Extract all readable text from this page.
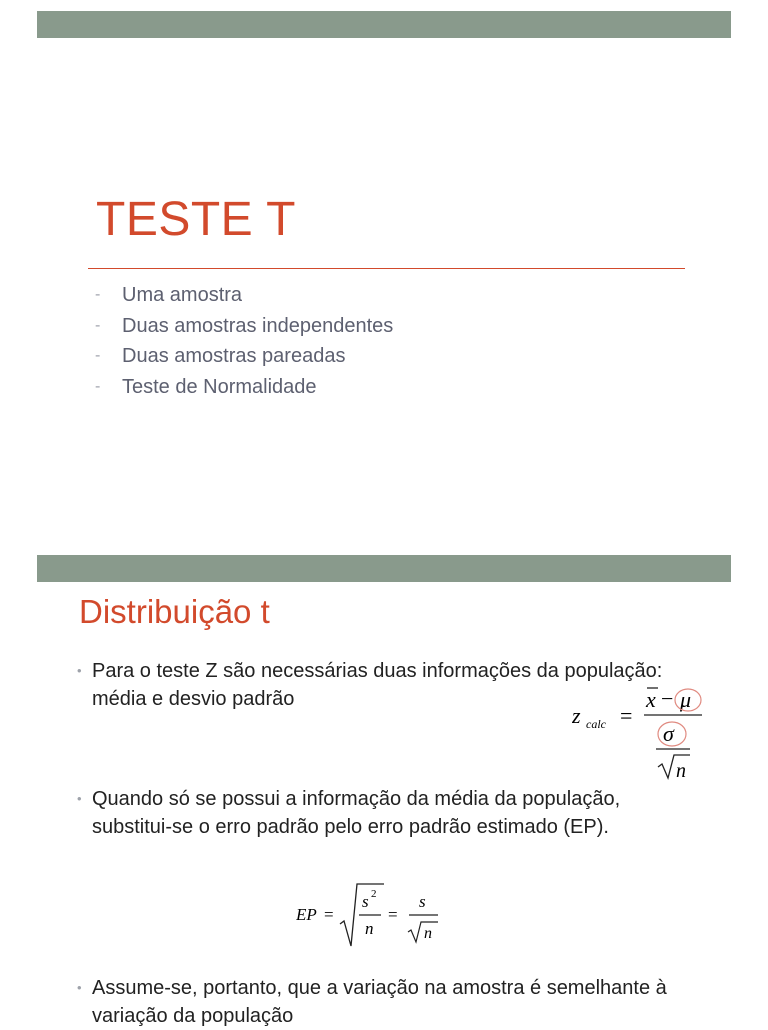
TESTE T
-	Uma amostra
-	Duas amostras independentes
-	Duas amostras pareadas
-	Teste de Normalidade
Distribuição t
• Para o teste Z são necessárias duas informações da população: média e desvio padrão
z calc =
x − μ
σ
n
• Quando só se possui a informação da média da população, substitui-se o erro padrão pelo erro padrão estimado (EP).
EP =
s 2
n
=
s
n
• Assume-se, portanto, que a variação na amostra é semelhante à variação da população
